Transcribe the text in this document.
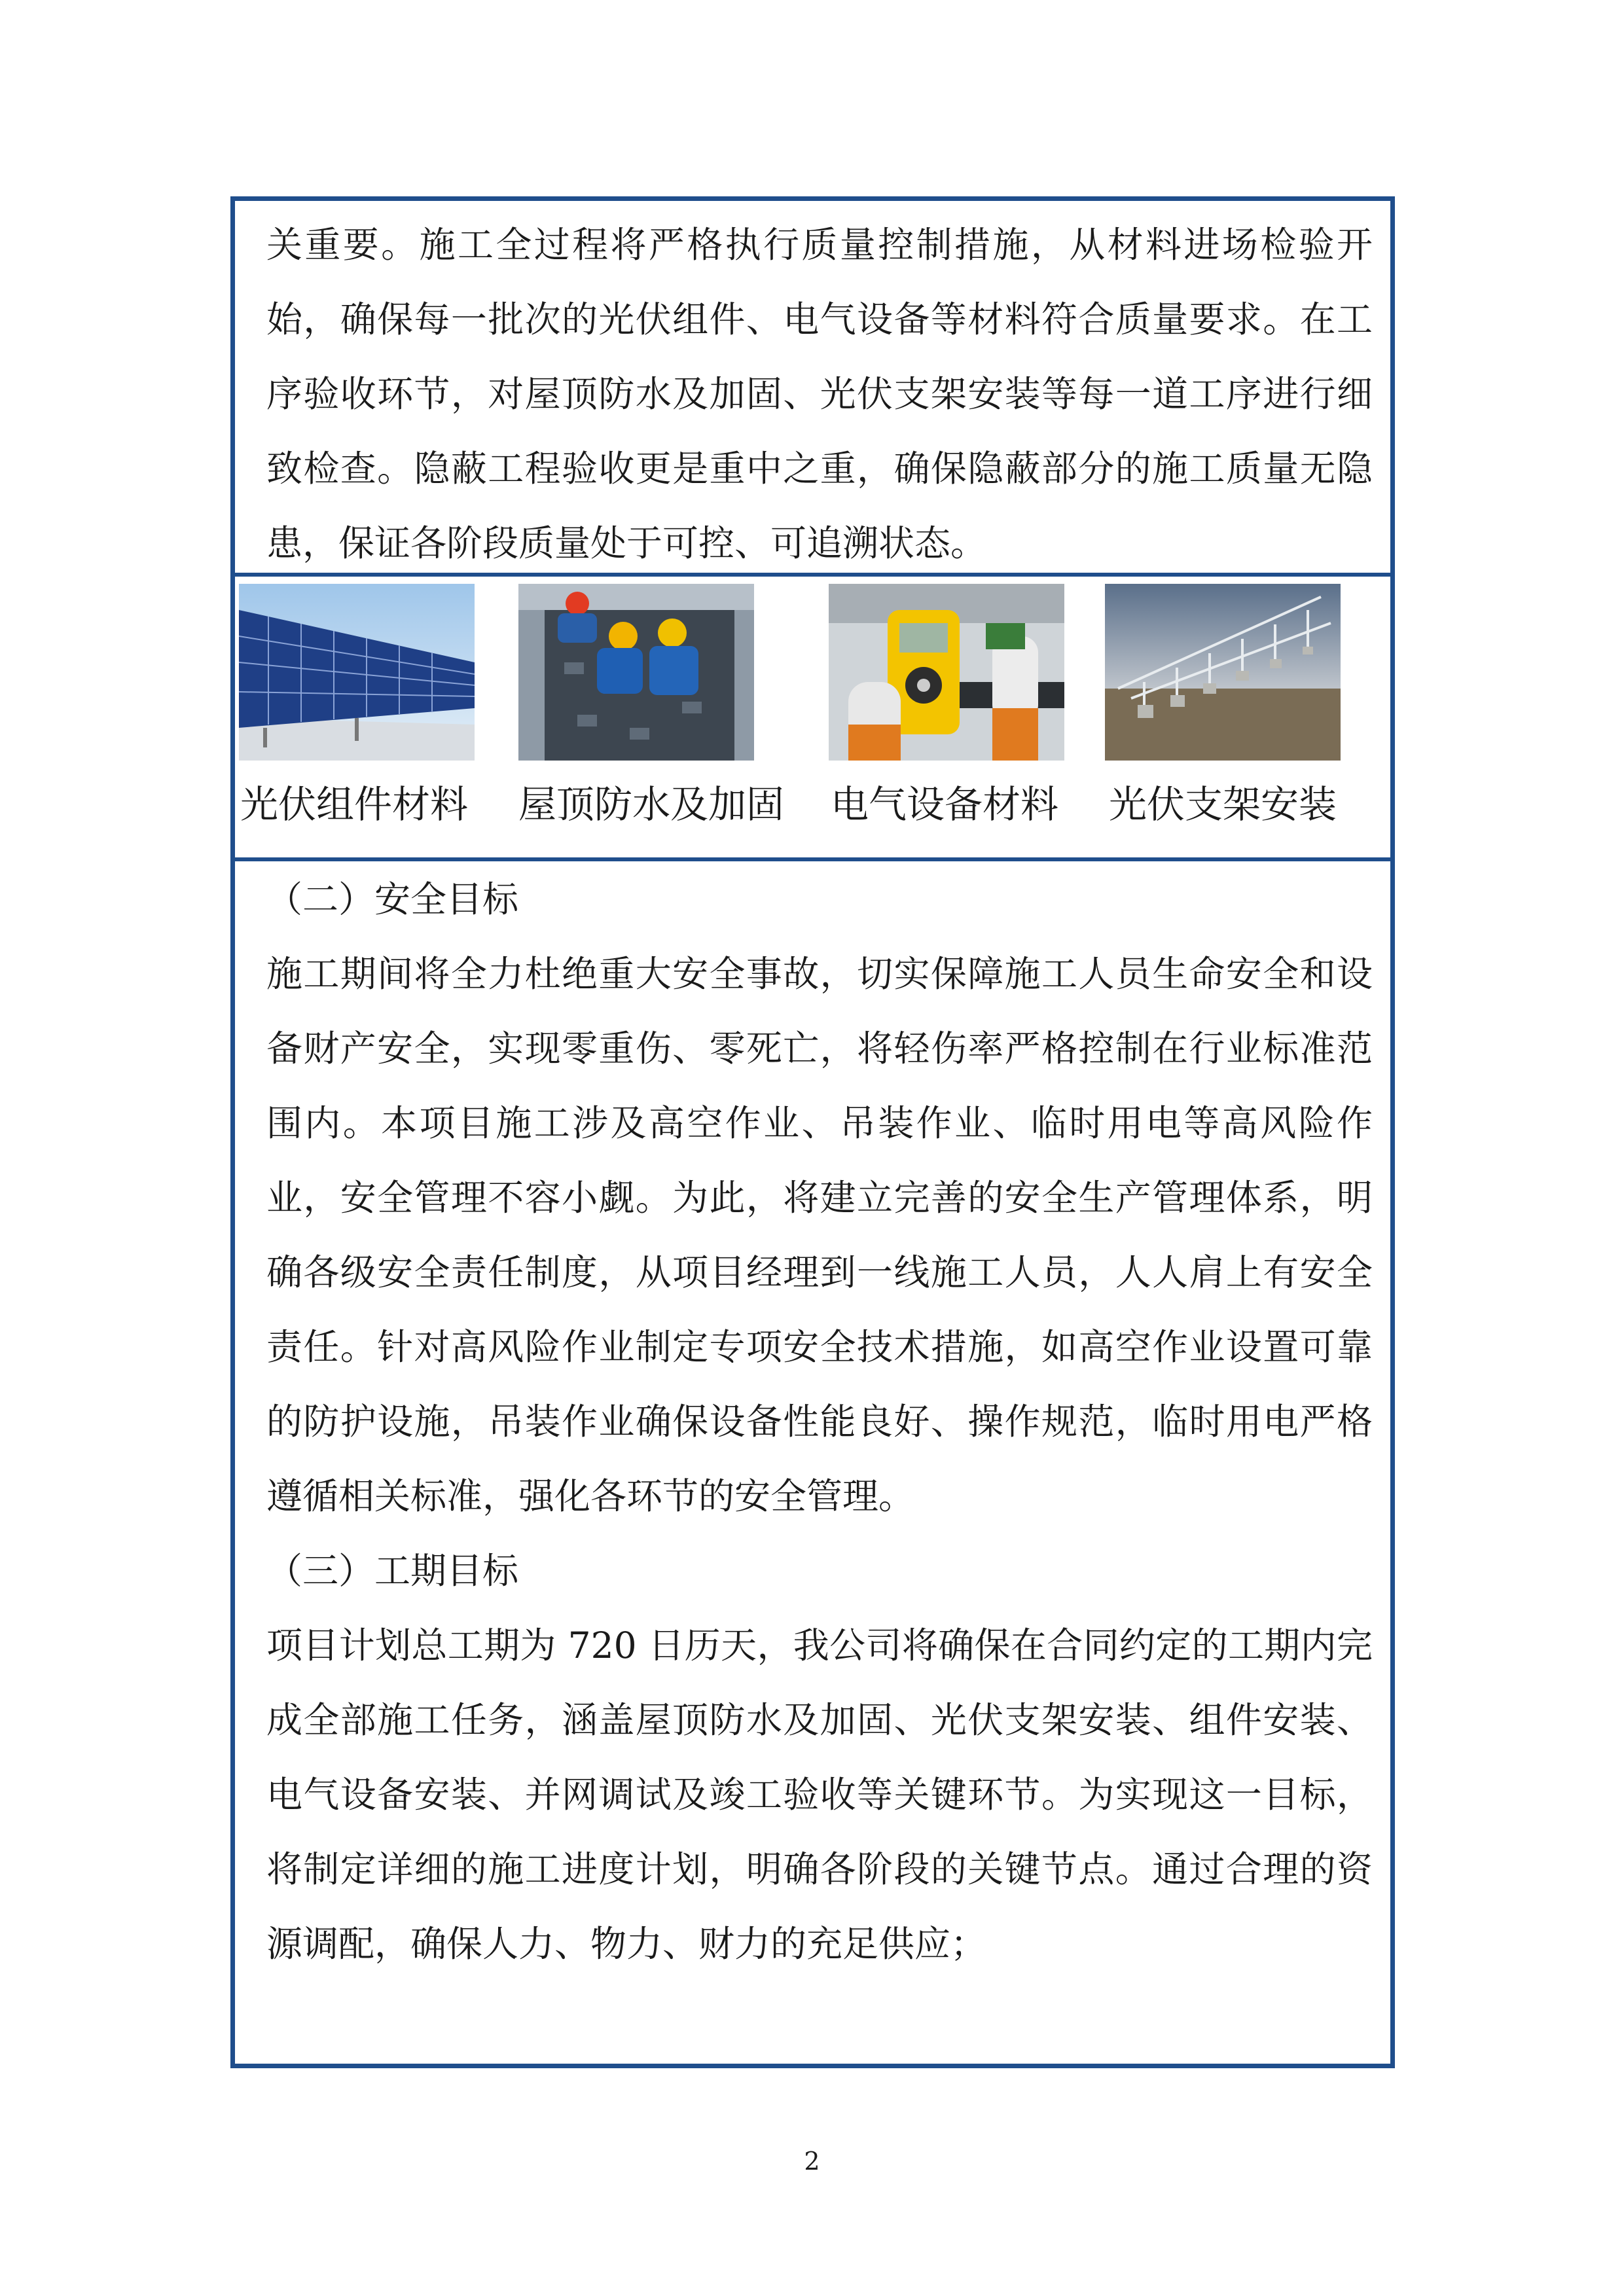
关重要。施工全过程将严格执行质量控制措施，从材料进场检验开始，确保每一批次的光伏组件、电气设备等材料符合质量要求。在工序验收环节，对屋顶防水及加固、光伏支架安装等每一道工序进行细致检查。隐蔽工程验收更是重中之重，确保隐蔽部分的施工质量无隐患，保证各阶段质量处于可控、可追溯状态。

光伏组件材料 屋顶防水及加固 电气设备材料 光伏支架安装

（二）安全目标

施工期间将全力杜绝重大安全事故，切实保障施工人员生命安全和设备财产安全，实现零重伤、零死亡，将轻伤率严格控制在行业标准范围内。本项目施工涉及高空作业、吊装作业、临时用电等高风险作业，安全管理不容小觑。为此，将建立完善的安全生产管理体系，明确各级安全责任制度，从项目经理到一线施工人员，人人肩上有安全责任。针对高风险作业制定专项安全技术措施，如高空作业设置可靠的防护设施，吊装作业确保设备性能良好、操作规范，临时用电严格遵循相关标准，强化各环节的安全管理。

（三）工期目标

项目计划总工期为 720 日历天，我公司将确保在合同约定的工期内完成全部施工任务，涵盖屋顶防水及加固、光伏支架安装、组件安装、电气设备安装、并网调试及竣工验收等关键环节。为实现这一目标，将制定详细的施工进度计划，明确各阶段的关键节点。通过合理的资源调配，确保人力、物力、财力的充足供应；

2
